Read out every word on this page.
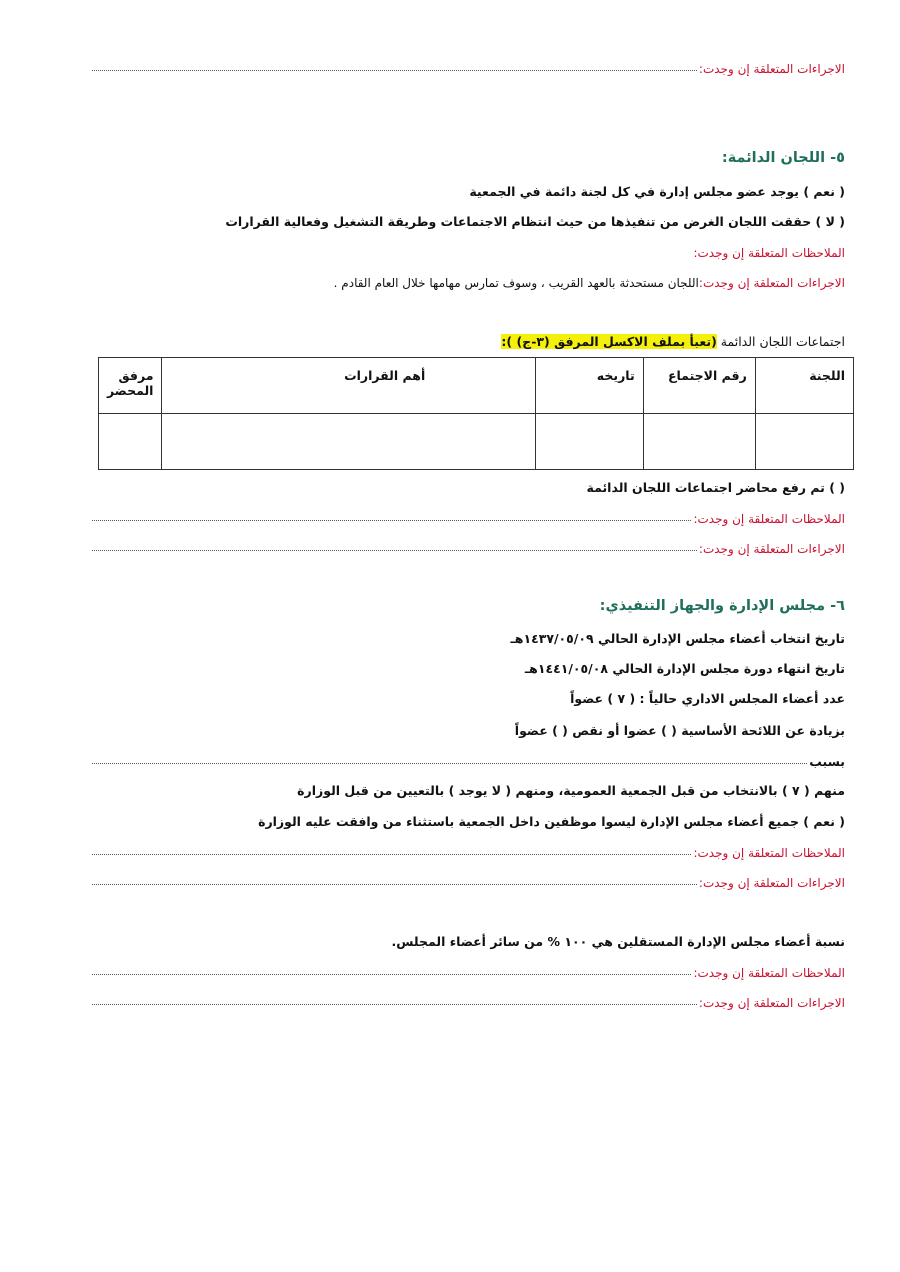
الاجراءات المتعلقة إن وجدت:
٥- اللجان الدائمة:
( نعم ) يوجد عضو مجلس إدارة في كل لجنة دائمة في الجمعية
( لا ) حققت اللجان الغرض من تنفيذها من حيث انتظام الاجتماعات وطريقة التشغيل وفعالية القرارات
الملاحظات المتعلقة إن وجدت:
الاجراءات المتعلقة إن وجدت:
اللجان مستحدثة بالعهد القريب ، وسوف تمارس مهامها خلال العام القادم .
اجتماعات اللجان الدائمة (تعبأ بملف الاكسل المرفق (٣-ج) ):
اللجنة	رقم الاجتماع	تاريخه	أهم القرارات	مرفق المحضر

( ) تم رفع محاضر اجتماعات اللجان الدائمة
الملاحظات المتعلقة إن وجدت:
الاجراءات المتعلقة إن وجدت:
٦- مجلس الإدارة والجهاز التنفيذي:
تاريخ انتخاب أعضاء مجلس الإدارة الحالي ١٤٣٧/٠٥/٠٩هـ
تاريخ انتهاء دورة مجلس الإدارة الحالي ١٤٤١/٠٥/٠٨هـ
عدد أعضاء المجلس الاداري حالياً : ( ٧ ) عضواً
بزيادة عن اللائحة الأساسية ( ) عضوا أو نقص ( ) عضواً
بسبب
منهم ( ٧ ) بالانتخاب من قبل الجمعية العمومية، ومنهم ( لا يوجد ) بالتعيين من قبل الوزارة
( نعم ) جميع أعضاء مجلس الإدارة ليسوا موظفين داخل الجمعية باستثناء من وافقت عليه الوزارة
الملاحظات المتعلقة إن وجدت:
الاجراءات المتعلقة إن وجدت:
نسبة أعضاء مجلس الإدارة المستقلين هي ١٠٠ % من سائر أعضاء المجلس.
الملاحظات المتعلقة إن وجدت:
الاجراءات المتعلقة إن وجدت:
